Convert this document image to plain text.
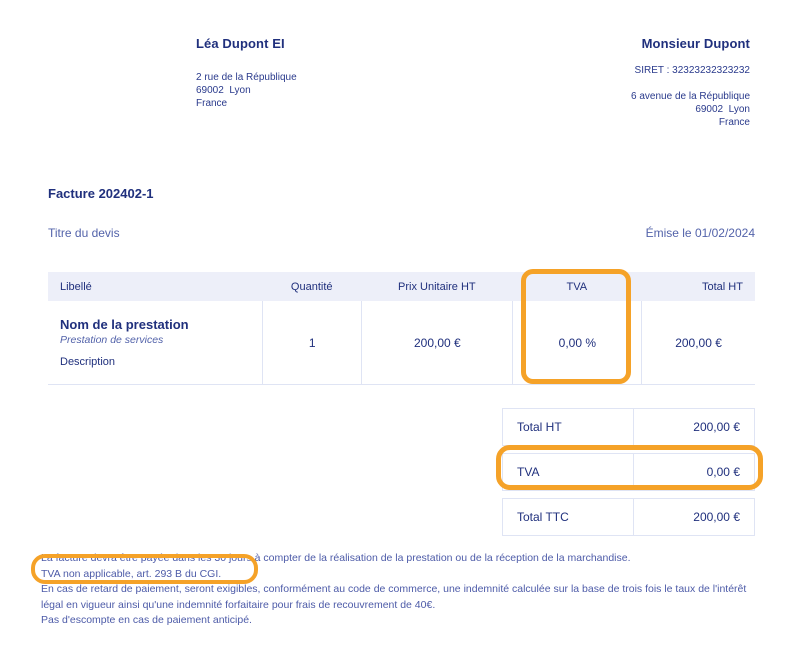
Léa Dupont EI
2 rue de la République
69002  Lyon
France
Monsieur Dupont
SIRET : 32323232323232
6 avenue de la République
69002  Lyon
France
Facture 202402-1
Titre du devis	Émise le 01/02/2024
Libellé	Quantité	Prix Unitaire HT	TVA	Total HT
Nom de la prestation
Prestation de services
Description
1	200,00 €	0,00 %	200,00 €
Total HT	200,00 €
TVA	0,00 €
Total TTC	200,00 €
La facture devra être payée dans les 30 jours à compter de la réalisation de la prestation ou de la réception de la marchandise.
TVA non applicable, art. 293 B du CGI.
En cas de retard de paiement, seront exigibles, conformément au code de commerce, une indemnité calculée sur la base de trois fois le taux de l'intérêt légal en vigueur ainsi qu'une indemnité forfaitaire pour frais de recouvrement de 40€.
Pas d'escompte en cas de paiement anticipé.
